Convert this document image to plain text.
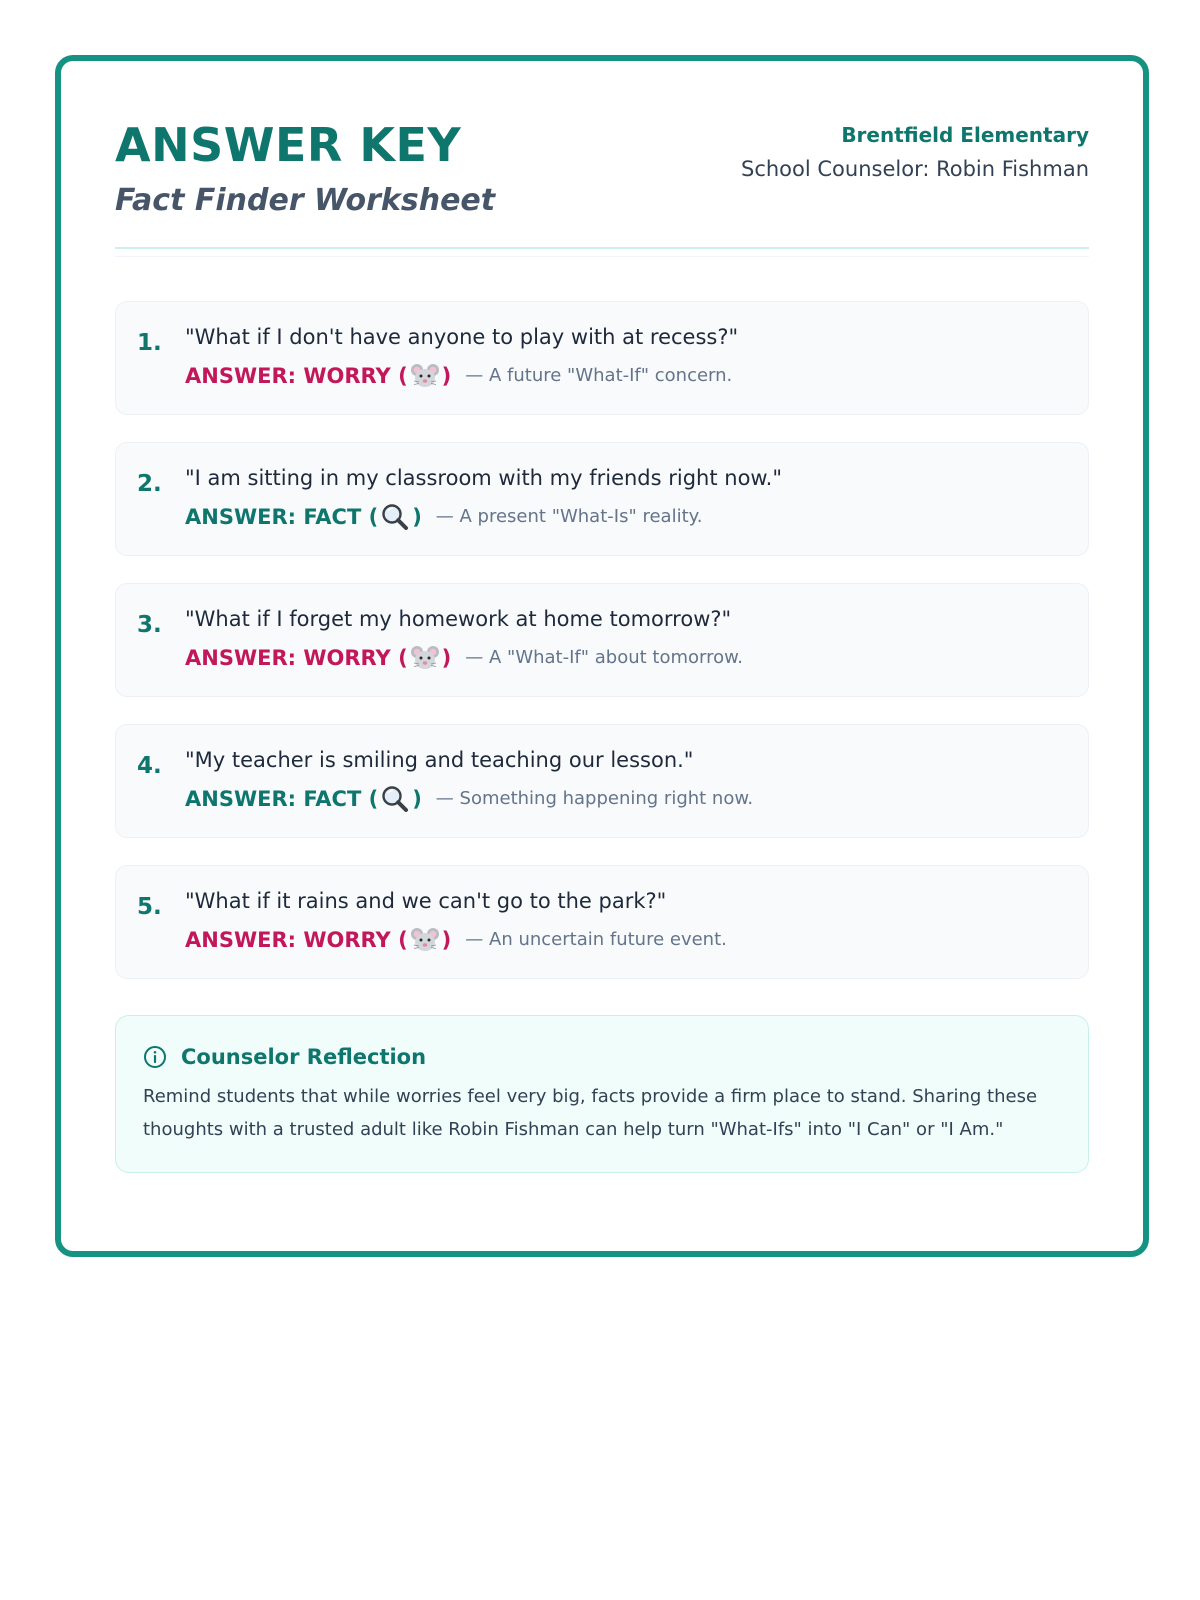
ANSWER KEY
Fact Finder Worksheet
Brentfield Elementary
School Counselor: Robin Fishman
1. "What if I don't have anyone to play with at recess?"
ANSWER: WORRY ( ) — A future "What-If" concern.
2. "I am sitting in my classroom with my friends right now."
ANSWER: FACT ( ) — A present "What-Is" reality.
3. "What if I forget my homework at home tomorrow?"
ANSWER: WORRY ( ) — A "What-If" about tomorrow.
4. "My teacher is smiling and teaching our lesson."
ANSWER: FACT ( ) — Something happening right now.
5. "What if it rains and we can't go to the park?"
ANSWER: WORRY ( ) — An uncertain future event.
Counselor Reflection

Remind students that while worries feel very big, facts provide a firm place to stand. Sharing these thoughts with a trusted adult like Robin Fishman can help turn "What-Ifs" into "I Can" or "I Am."
